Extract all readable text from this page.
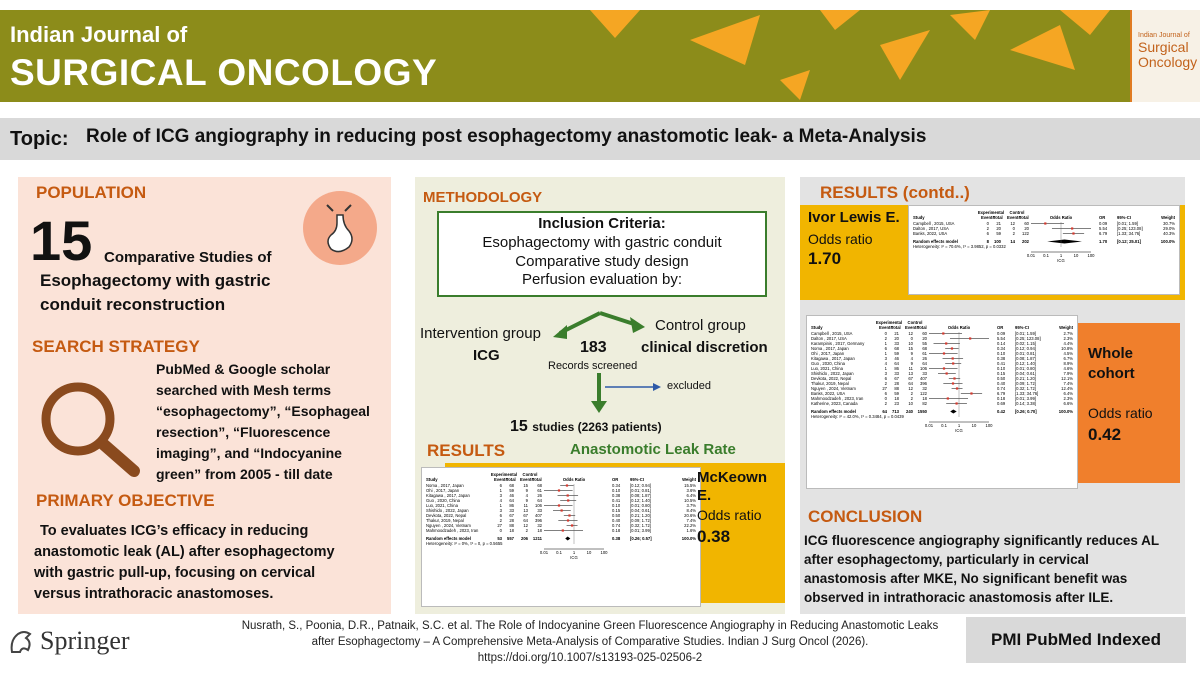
Indian Journal of
SURGICAL ONCOLOGY
Indian Journal of
Surgical Oncology
Topic: Role of ICG angiography in reducing post esophagectomy anastomotic leak- a Meta-Analysis
POPULATION
15 Comparative Studies of
Esophagectomy with gastric
conduit reconstruction
SEARCH STRATEGY
PubMed & Google scholar
searched with Mesh terms
“esophagectomy”, “Esophageal
resection”, “Fluorescence
imaging”, and “Indocyanine
green” from 2005 - till date
PRIMARY OBJECTIVE
To evaluates ICG’s efficacy in reducing
anastomotic leak (AL) after esophagectomy
with gastric pull-up, focusing on cervical
versus intrathoracic anastomoses.
METHODOLOGY
Inclusion Criteria:
Esophagectomy with gastric conduit
Comparative study design
Perfusion evaluation by:
Intervention group
ICG
Control group
clinical discretion
183
Records screened
excluded
15 studies (2263 patients)
RESULTS	Anastomotic Leak Rate
Experimental Control
Study	Events
Total Events
Total	Odds Ratio	OR	95%-CI	Weight
Noma , 2017, Japan	6 68 15 68	0.34 [0.12; 0.94]	15.5%
Ohi , 2017, Japan	1 59	9 61	0.10 [0.01; 0.81]	3.6%
Kitagawa , 2017, Japan	3 46	4 26	0.38 [0.08; 1.87]	6.4%
Guo , 2020, China	4 64	9 64	0.41 [0.12; 1.40]	10.5%
Luo, 2021, China	1 86 11 106	0.10 [0.01; 0.80]	3.7%
Shishido , 2022, Japan	3 33 13 33	0.15 [0.04; 0.61]	8.4%
Devkota, 2022, Nepal	6 67 67 407	0.50 [0.21; 1.20]	20.6%
Thakur, 2019, Nepal	2 28 64 396	0.40 [0.09; 1.72]	7.4%
Nguyen , 2024, Vietnam	27 88 12 32	0.74 [0.32; 1.72]	22.2%
Mahmoodzadeh , 2023, Iran	0 18	2 18	0.18 [0.01; 3.99]	1.6%
Random effects model	53 557 206 1211	0.38 [0.26; 0.57]	100.0%
Heterogeneity: I² = 0%, τ² = 0, p = 0.5655
0.01 0.1	1	10 100
ICG
McKeown E.
Odds ratio
0.38
RESULTS (contd..)
Ivor Lewis E.
Odds ratio
1.70
Experimental Control
Study	Events
Total Events
Total	Odds Ratio	OR	95%-CI	Weight
Campbell , 2015, USA	0 21 12 60	0.09 [0.01; 1.59]	30.7%
Dalton , 2017, USA	2 20	0 20	5.54 [0.25; 123.08]	29.0%
Banks, 2022, USA	6 59	2 122	6.79 [1.33; 34.76]	40.3%
Random effects model	8 100 14 202	1.70 [0.12; 25.01]	100.0%
Heterogeneity: I² = 70.6%, τ² = 3.9852, p = 0.0332
0.01 0.1	1	10 100
ICG
Experimental Control
Study	Events
Total Events
Total	Odds Ratio	OR	95%-CI	Weight
Campbell , 2015, USA	0 21 12 60	0.09 [0.01; 1.59]	2.7%
Dalton , 2017, USA	2 20	0 20	5.54 [0.25; 123.08]	2.3%
Karampinis , 2017, Germany	1 33 10 55	0.14 [0.02; 1.15]	4.4%
Noma , 2017, Japan	6 68 15 68	0.34 [0.12; 0.94]	10.8%
Ohi , 2017, Japan	1 59	9 61	0.10 [0.01; 0.81]	4.5%
Kitagawa , 2017, Japan	3 46	4 26	0.38 [0.08; 1.87]	6.7%
Guo , 2020, China	4 64	9 64	0.41 [0.12; 1.40]	8.9%
Luo, 2021, China	1 86 11 106	0.10 [0.01; 0.80]	4.6%
Shishido , 2022, Japan	3 33 13 33	0.15 [0.04; 0.61]	7.9%
Devkota, 2022, Nepal	6 67 67 407	0.50 [0.21; 1.20]	12.1%
Thakur, 2019, Nepal	2 28 64 396	0.40 [0.09; 1.72]	7.4%
Nguyen , 2024, Vietnam	27 88 12 32	0.74 [0.32; 1.72]	12.4%
Banks, 2022, USA	6 59	2 122	6.79 [1.33; 34.76]	6.4%
Mahmoodzadeh , 2023, Iran	0 18	2 18	0.18 [0.01; 3.99]	2.3%
Katherine, 2023, Canada	2 23 10 82	0.69 [0.14; 3.38]	6.6%
Random effects model	64 713 240 1550	0.42 [0.26; 0.70]	100.0%
Heterogeneity: I² = 42.0%, τ² = 0.3484, p = 0.0439
0.01 0.1	1	10 100
ICG
Whole
cohort
Odds ratio
0.42
CONCLUSION
ICG fluorescence angiography significantly reduces AL
after esophagectomy, particularly in cervical
anastomosis after MKE, No significant benefit was
observed in intrathoracic anastomosis after ILE.
Springer	Nusrath, S., Poonia, D.R., Patnaik, S.C. et al. The Role of Indocyanine Green Fluorescence Angiography in Reducing Anastomotic Leaks
after Esophagectomy – A Comprehensive Meta-Analysis of Comparative Studies. Indian J Surg Oncol (2026).
https://doi.org/10.1007/s13193-025-02506-2
PMI PubMed Indexed
